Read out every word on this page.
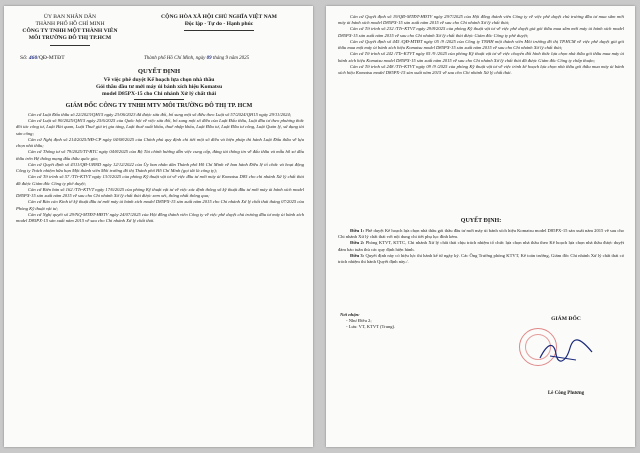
ỦY BAN NHÂN DÂN
THÀNH PHỐ HỒ CHÍ MINH
CÔNG TY TNHH MỘT THÀNH VIÊN
MÔI TRƯỜNG ĐÔ THỊ TP.HCM
CỘNG HÒA XÃ HỘI CHỦ NGHĨA VIỆT NAM
Độc lập - Tự do - Hạnh phúc
Số: 460/QĐ-MTĐT	Thành phố Hồ Chí Minh, ngày 09 tháng 9 năm 2025
QUYẾT ĐỊNH
Về việc phê duyệt Kế hoạch lựa chọn nhà thầu
Gói thầu đầu tư mới máy ủi bánh xích hiệu Komatsu
model D85PX-15 cho Chi nhánh Xử lý chất thải
GIÁM ĐỐC CÔNG TY TNHH MTV MÔI TRƯỜNG ĐÔ THỊ TP. HCM
Căn cứ Luật Đấu thầu số 22/2023/QH15 ngày 23/06/2023 đã được sửa đổi, bổ sung một số điều theo Luật số 57/2024/QH15 ngày 29/11/2024;
Căn cứ Luật số 90/2025/QH15 ngày 25/6/2025 của Quốc hội về việc sửa đổi, bổ sung một số điều của Luật Đấu thầu, Luật đầu tư theo phương thức đối tác công tư, Luật Hải quan, Luật Thuế giá trị gia tăng, Luật thuế xuất khẩu, thuế nhập khẩu, Luật Đầu tư, Luật Đầu tư công, Luật Quản lý, sử dụng tài sản công;
Căn cứ Nghị định số 214/2025/NĐ-CP ngày 04/08/2025 của Chính phủ quy định chi tiết một số điều và biện pháp thi hành Luật Đấu thầu về lựa chọn nhà thầu;
Căn cứ Thông tư số 79/2025/TT-BTC ngày 04/8/2025 của Bộ Tài chính hướng dẫn việc cung cấp, đăng tải thông tin về đấu thầu và mẫu hồ sơ đấu thầu trên Hệ thống mạng đấu thầu quốc gia;
Căn cứ Quyết định số 4311/QĐ-UBND ngày 12/12/2022 của Ủy ban nhân dân Thành phố Hồ Chí Minh về ban hành Điều lệ tổ chức và hoạt động Công ty Trách nhiệm hữu hạn Một thành viên Môi trường đô thị Thành phố Hồ Chí Minh (gọi tắt là công ty);
Căn cứ Tờ trình số 57 /TTr-KTVT ngày 13/3/2025 của phòng Kỹ thuật vật tư về việc đầu tư mới máy ủi Komatsu D85 cho chi nhánh Xử lý chất thải đã được Giám đốc Công ty phê duyệt;
Căn cứ Biên bản số 162 /TTr-KTVT ngày 17/6/2025 của phòng Kỹ thuật vật tư về việc xác định thông số kỹ thuật đầu tư mới máy ủi bánh xích model D85PX-15 sản xuất năm 2015 về sau cho Chi nhánh Xử lý chất thải được xem xét, thống nhất thông qua;
Căn cứ Báo cáo Kinh tế kỹ thuật đầu tư mới máy ủi bánh xích model D85PX-15 sản xuất năm 2015 cho Chi nhánh Xử lý chất thải tháng 07/2025 của Phòng Kỹ thuật vật tư;
Căn cứ Nghị quyết số 29/NQ-MTĐT-HĐTV ngày 24/07/2025 của Hội đồng thành viên Công ty về việc phê duyệt chủ trương đầu tư máy ủi bánh xích model D85PX-15 sản xuất năm 2015 về sau cho Chi nhánh Xử lý chất thải.
Căn cứ Quyết định số 19/QĐ-MTĐT-HĐTV ngày 29/7/2025 của Hội đồng thành viên Công ty về việc phê duyệt chủ trương đầu tư mua sắm mới máy ủi bánh xích model D85PX-15 sản xuất năm 2015 về sau cho Chi nhánh Xử lý chất thải;
Căn cứ Tờ trình số 232 /TTr-KTVT ngày 29/8/2025 của phòng Kỹ thuật vật tư về việc phê duyệt giá gói thầu mua sắm mới máy ủi bánh xích model D85PX-15 sản xuất năm 2015 về sau cho Chi nhánh Xử lý chất thải được Giám đốc Công ty phê duyệt;
Căn cứ Quyết định số 445 /QĐ-MTĐT ngày 05 /9 /2025 của Công ty TNHH một thành viên Môi trường đô thị TP.HCM về việc phê duyệt giá gói thầu mua một máy ủi bánh xích hiệu Komatsu model D85PX-15 sản xuất năm 2015 về sau cho Chi nhánh Xử lý chất thải;
Căn cứ Tờ trình số 242 /TTr-KTVT ngày 05 /9 /2025 của phòng Kỹ thuật vật tư về việc chuyển đổi hình thức lựa chọn nhà thầu gói thầu mua máy ủi bánh xích hiệu Komatsu model D85PX-15 sản xuất năm 2015 về sau cho Chi nhánh Xử lý chất thải đã được Giám đốc Công ty chấp thuận;
Căn cứ Tờ trình số 248 /TTr-KTVT ngày 09 /9 /2025 của phòng Kỹ thuật vật tư về việc trình kế hoạch lựa chọn nhà thầu gói thầu mua máy ủi bánh xích hiệu Komatsu model D85PX-15 sản xuất năm 2015 về sau cho Chi nhánh Xử lý chất thải.
QUYẾT ĐỊNH:
Điều 1: Phê duyệt Kế hoạch lựa chọn nhà thầu gói thầu đầu tư mới máy ủi bánh xích hiệu Komatsu model D85PX-15 sản xuất năm 2015 về sau cho Chi nhánh Xử lý chất thải với nội dung chi tiết phụ lục đính kèm.
Điều 2: Phòng KTVT, KTTC, Chi nhánh Xử lý chất thải chịu trách nhiệm tổ chức lựa chọn nhà thầu theo Kế hoạch lựa chọn nhà thầu được duyệt đảm bảo tuân thủ các quy định hiện hành.
Điều 3: Quyết định này có hiệu lực thi hành kể từ ngày ký. Các Ông Trưởng phòng KTVT, Kế toán trưởng, Giám đốc Chi nhánh Xử lý chất thải có trách nhiệm thi hành Quyết định này./.
Nơi nhận:
- Như Điều 2;
- Lưu: VT, KTVT (Trung).
GIÁM ĐỐC
Lê Công Phương
